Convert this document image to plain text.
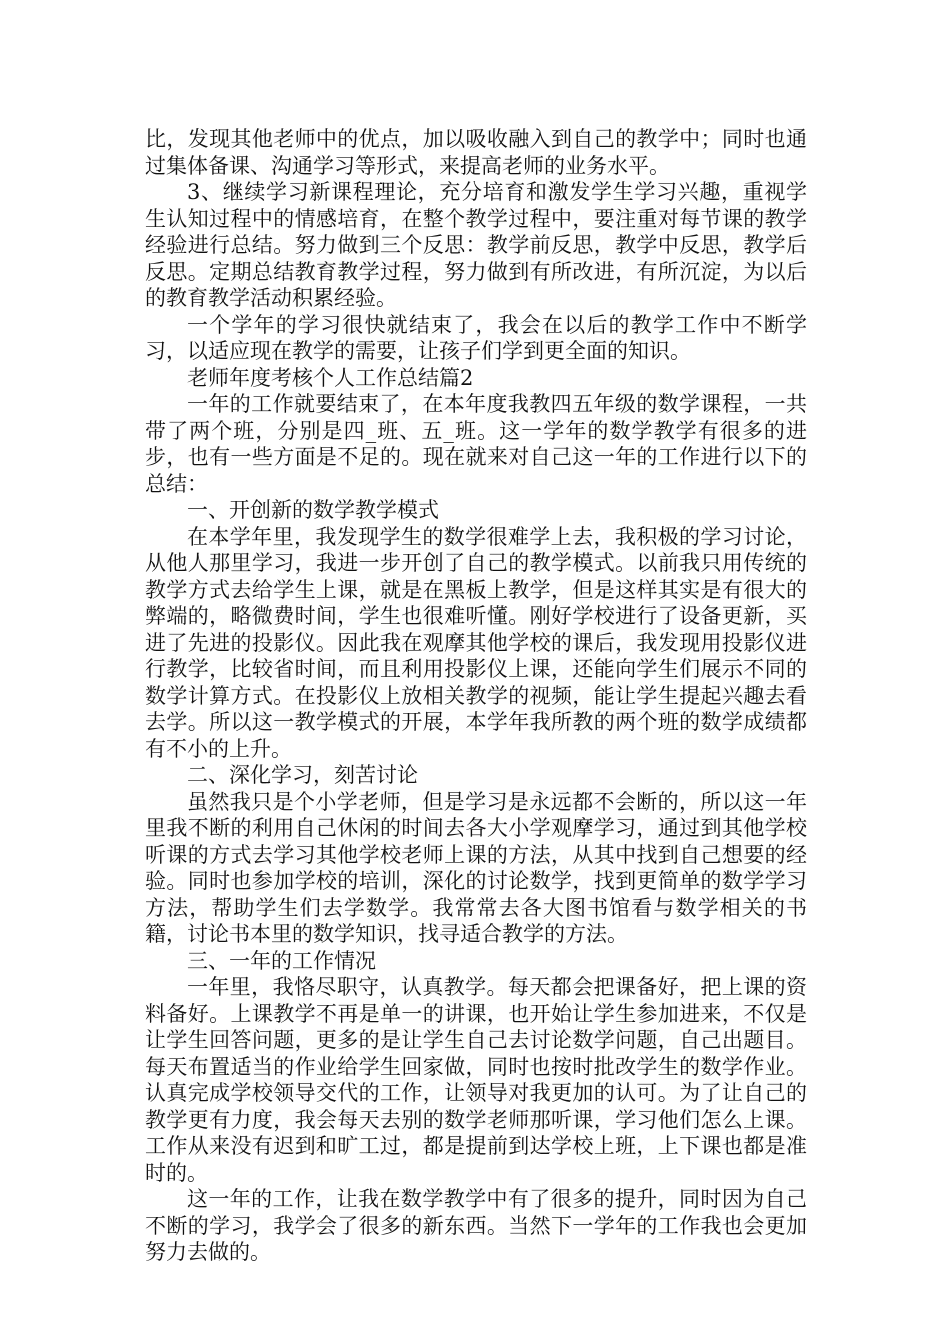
比，发现其他老师中的优点，加以吸收融入到自己的教学中；同时也通过集体备课、沟通学习等形式，来提高老师的业务水平。

3、继续学习新课程理论，充分培育和激发学生学习兴趣，重视学生认知过程中的情感培育，在整个教学过程中，要注重对每节课的教学经验进行总结。努力做到三个反思：教学前反思，教学中反思，教学后反思。定期总结教育教学过程，努力做到有所改进，有所沉淀，为以后的教育教学活动积累经验。

一个学年的学习很快就结束了，我会在以后的教学工作中不断学习，以适应现在教学的需要，让孩子们学到更全面的知识。

老师年度考核个人工作总结篇2

一年的工作就要结束了，在本年度我教四五年级的数学课程，一共带了两个班，分别是四_班、五_班。这一学年的数学教学有很多的进步，也有一些方面是不足的。现在就来对自己这一年的工作进行以下的总结：

一、开创新的数学教学模式

在本学年里，我发现学生的数学很难学上去，我积极的学习讨论，从他人那里学习，我进一步开创了自己的教学模式。以前我只用传统的教学方式去给学生上课，就是在黑板上教学，但是这样其实是有很大的弊端的，略微费时间，学生也很难听懂。刚好学校进行了设备更新，买进了先进的投影仪。因此我在观摩其他学校的课后，我发现用投影仪进行教学，比较省时间，而且利用投影仪上课，还能向学生们展示不同的数学计算方式。在投影仪上放相关教学的视频，能让学生提起兴趣去看去学。所以这一教学模式的开展，本学年我所教的两个班的数学成绩都有不小的上升。

二、深化学习，刻苦讨论

虽然我只是个小学老师，但是学习是永远都不会断的，所以这一年里我不断的利用自己休闲的时间去各大小学观摩学习，通过到其他学校听课的方式去学习其他学校老师上课的方法，从其中找到自己想要的经验。同时也参加学校的培训，深化的讨论数学，找到更简单的数学学习方法，帮助学生们去学数学。我常常去各大图书馆看与数学相关的书籍，讨论书本里的数学知识，找寻适合教学的方法。

三、一年的工作情况

一年里，我恪尽职守，认真教学。每天都会把课备好，把上课的资料备好。上课教学不再是单一的讲课，也开始让学生参加进来，不仅是让学生回答问题，更多的是让学生自己去讨论数学问题，自己出题目。每天布置适当的作业给学生回家做，同时也按时批改学生的数学作业。认真完成学校领导交代的工作，让领导对我更加的认可。为了让自己的教学更有力度，我会每天去别的数学老师那听课，学习他们怎么上课。工作从来没有迟到和旷工过，都是提前到达学校上班，上下课也都是准时的。

这一年的工作，让我在数学教学中有了很多的提升，同时因为自己不断的学习，我学会了很多的新东西。当然下一学年的工作我也会更加努力去做的。
